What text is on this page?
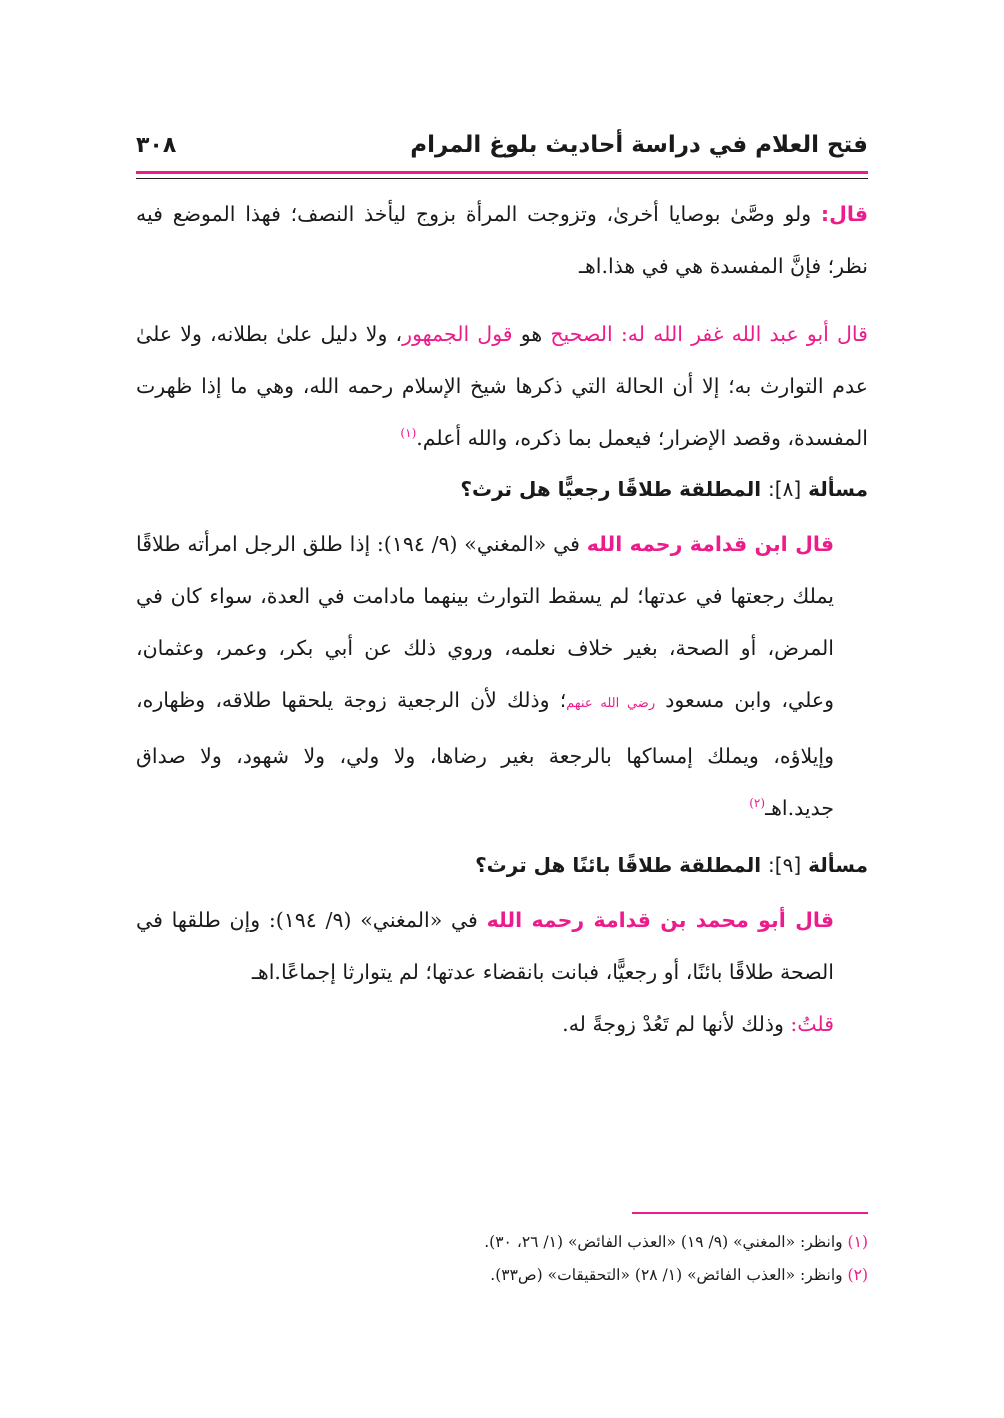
فتح العلام في دراسة أحاديث بلوغ المرام
٣٠٨

قال: ولو وصَّىٰ بوصايا أخرىٰ، وتزوجت المرأة بزوج ليأخذ النصف؛ فهذا الموضع فيه نظر؛ فإنَّ المفسدة هي في هذا.اهـ

قال أبو عبد الله غفر الله له: الصحيح هو قول الجمهور، ولا دليل علىٰ بطلانه، ولا علىٰ عدم التوارث به؛ إلا أن الحالة التي ذكرها شيخ الإسلام رحمه الله، وهي ما إذا ظهرت المفسدة، وقصد الإضرار؛ فيعمل بما ذكره، والله أعلم.$^{(١)}$

مسألة [٨]: المطلقة طلاقًا رجعيًّا هل ترث؟

قال ابن قدامة رحمه الله في «المغني» (٩/ ١٩٤): إذا طلق الرجل امرأته طلاقًا يملك رجعتها في عدتها؛ لم يسقط التوارث بينهما مادامت في العدة، سواء كان في المرض، أو الصحة، بغير خلاف نعلمه، وروي ذلك عن أبي بكر، وعمر، وعثمان، وعلي، وابن مسعود رضي الله عنهم؛ وذلك لأن الرجعية زوجة يلحقها طلاقه، وظهاره، وإيلاؤه، ويملك إمساكها بالرجعة بغير رضاها، ولا ولي، ولا شهود، ولا صداق جديد.اهـ$^{(٢)}$

مسألة [٩]: المطلقة طلاقًا بائنًا هل ترث؟

قال أبو محمد بن قدامة رحمه الله في «المغني» (٩/ ١٩٤): وإن طلقها في الصحة طلاقًا بائنًا، أو رجعيًّا، فبانت بانقضاء عدتها؛ لم يتوارثا إجماعًا.اهـ

قلتُ: وذلك لأنها لم تَعُدْ زوجةً له.

(١) وانظر: «المغني» (٩/ ١٩) «العذب الفائض» (١/ ٢٦، ٣٠).
(٢) وانظر: «العذب الفائض» (١/ ٢٨) «التحقيقات» (ص٣٣).
